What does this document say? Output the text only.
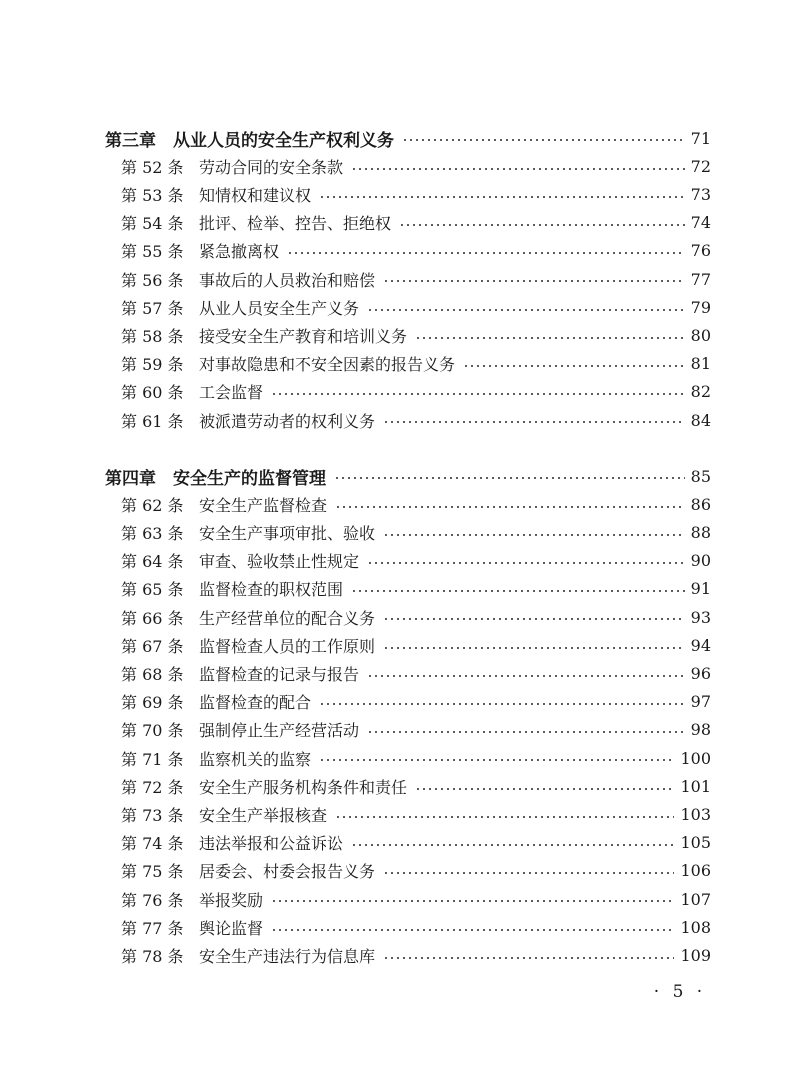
第三章	从业人员的安全生产权利义务	71
第 52 条 劳动合同的安全条款	72
第 53 条 知情权和建议权	73
第 54 条 批评、检举、控告、拒绝权	74
第 55 条 紧急撤离权	76
第 56 条 事故后的人员救治和赔偿	77
第 57 条 从业人员安全生产义务	79
第 58 条 接受安全生产教育和培训义务	80
第 59 条 对事故隐患和不安全因素的报告义务	81
第 60 条 工会监督	82
第 61 条 被派遣劳动者的权利义务	84
第四章	安全生产的监督管理	85
第 62 条 安全生产监督检查	86
第 63 条 安全生产事项审批、验收	88
第 64 条 审查、验收禁止性规定	90
第 65 条 监督检查的职权范围	91
第 66 条 生产经营单位的配合义务	93
第 67 条 监督检查人员的工作原则	94
第 68 条 监督检查的记录与报告	96
第 69 条 监督检查的配合	97
第 70 条 强制停止生产经营活动	98
第 71 条 监察机关的监察	100
第 72 条 安全生产服务机构条件和责任	101
第 73 条 安全生产举报核查	103
第 74 条 违法举报和公益诉讼	105
第 75 条 居委会、村委会报告义务	106
第 76 条 举报奖励	107
第 77 条 舆论监督	108
第 78 条 安全生产违法行为信息库	109
· 5 ·
